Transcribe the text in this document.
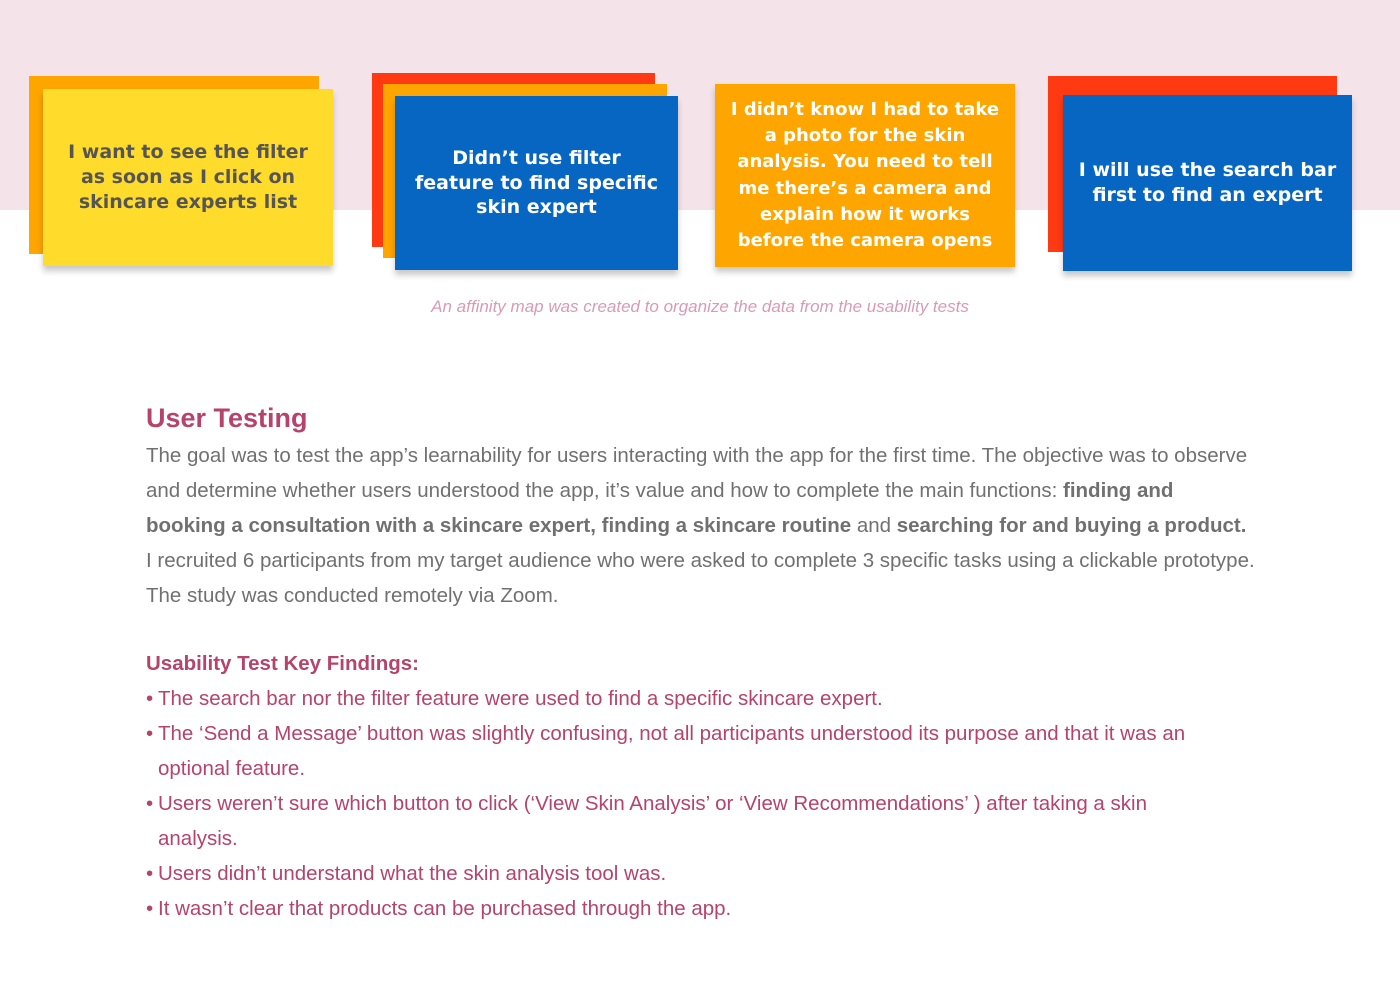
I want to see the filter as soon as I click on skincare experts list
Didn’t use filter feature to find specific skin expert
I didn’t know I had to take a photo for the skin analysis. You need to tell me there’s a camera and explain how it works before the camera opens
I will use the search bar first to find an expert
An affinity map was created to organize the data from the usability tests
User Testing

The goal was to test the app’s learnability for users interacting with the app for the first time. The objective was to observe and determine whether users understood the app, it’s value and how to complete the main functions: finding and booking a consultation with a skincare expert, finding a skincare routine and searching for and buying a product.

I recruited 6 participants from my target audience who were asked to complete 3 specific tasks using a clickable prototype. The study was conducted remotely via Zoom.

Usability Test Key Findings:
• The search bar nor the filter feature were used to find a specific skincare expert.
• The ‘Send a Message’ button was slightly confusing, not all participants understood its purpose and that it was an optional feature.
• Users weren’t sure which button to click (‘View Skin Analysis’ or ‘View Recommendations’ ) after taking a skin analysis.
• Users didn’t understand what the skin analysis tool was.
• It wasn’t clear that products can be purchased through the app.
